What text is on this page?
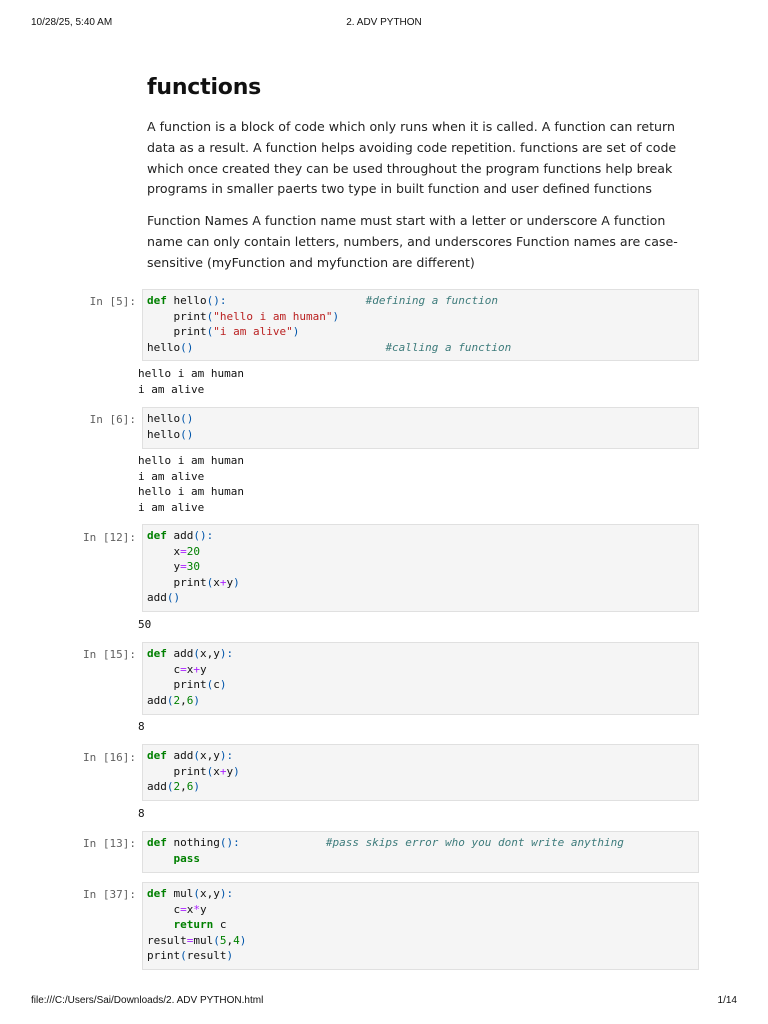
10/28/25, 5:40 AM	2. ADV PYTHON
functions

A function is a block of code which only runs when it is called. A function can return data as a result. A function helps avoiding code repetition. functions are set of code which once created they can be used throughout the program functions help break programs in smaller paerts two type in built function and user defined functions

Function Names A function name must start with a letter or underscore A function name can only contain letters, numbers, and underscores Function names are case-sensitive (myFunction and myfunction are different)

In [5]:	def hello():	#defining a function
print("hello i am human")
print("i am alive")
hello()	#calling a function
hello i am human
i am alive
In [6]:	hello()
hello()
hello i am human
i am alive
hello i am human
i am alive
In [12]:	def add():
x=20
y=30
print(x+y)
add()
50
In [15]:	def add(x,y):
c=x+y
print(c)
add(2,6)
8
In [16]:	def add(x,y):
print(x+y)
add(2,6)
8
In [13]:	def nothing():	#pass skips error who you dont write anything
pass
In [37]:	def mul(x,y):
c=x*y
return c
result=mul(5,4)
print(result)
file:///C:/Users/Sai/Downloads/2. ADV PYTHON.html	1/14
